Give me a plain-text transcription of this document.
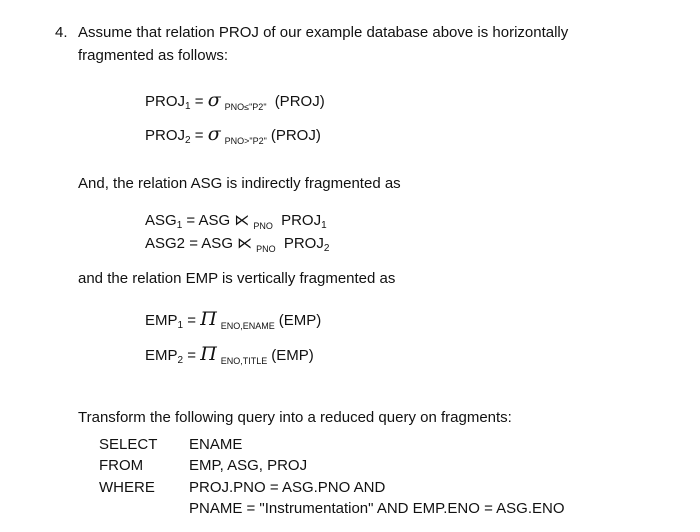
4. Assume that relation PROJ of our example database above is horizontally
fragmented as follows:
$PROJ_1 = \sigma$ $_{PNO\le"P2"}$ (PROJ)
$PROJ_2 = \sigma$ $_{PNO>"P2"}$ (PROJ)
And, the relation ASG is indirectly fragmented as
$ASG_1$ = ASG ⋉ $_{PNO}$ $PROJ_1$
ASG2 = ASG ⋉ $_{PNO}$ $PROJ_2$
and the relation EMP is vertically fragmented as
$EMP_1 = \Pi$ $_{ENO,ENAME}$ (EMP)
$EMP_2 = \Pi$ $_{ENO,TITLE}$ (EMP)
Transform the following query into a reduced query on fragments:
SELECT ENAME
FROM	EMP, ASG, PROJ
WHERE PROJ.PNO = ASG.PNO AND
PNAME = "Instrumentation" AND EMP.ENO = ASG.ENO
